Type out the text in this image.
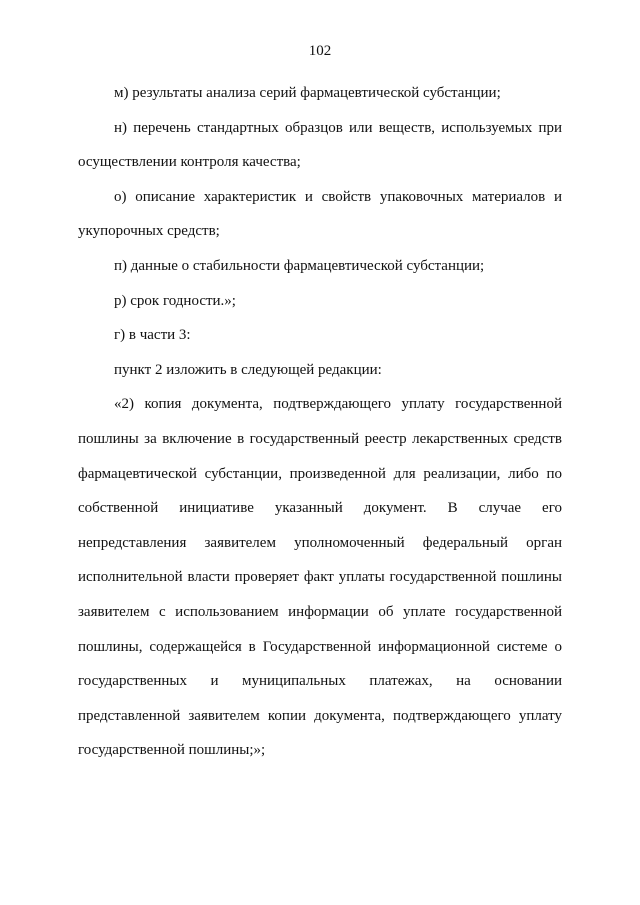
102

м) результаты анализа серий фармацевтической субстанции;

н) перечень стандартных образцов или веществ, используемых при
осуществлении контроля качества;

о) описание характеристик и свойств упаковочных материалов и
укупорочных средств;

п) данные о стабильности фармацевтической субстанции;

р) срок годности.»;

г) в части 3:

пункт 2 изложить в следующей редакции:

«2) копия документа, подтверждающего уплату государственной
пошлины за включение в государственный реестр лекарственных средств
фармацевтической субстанции, произведенной для реализации, либо по
собственной инициативе указанный документ. В случае его
непредставления заявителем уполномоченный федеральный орган
исполнительной власти проверяет факт уплаты государственной пошлины
заявителем с использованием информации об уплате государственной
пошлины, содержащейся в Государственной информационной системе о
государственных и муниципальных платежах, на основании
представленной заявителем копии документа, подтверждающего уплату
государственной пошлины;»;
